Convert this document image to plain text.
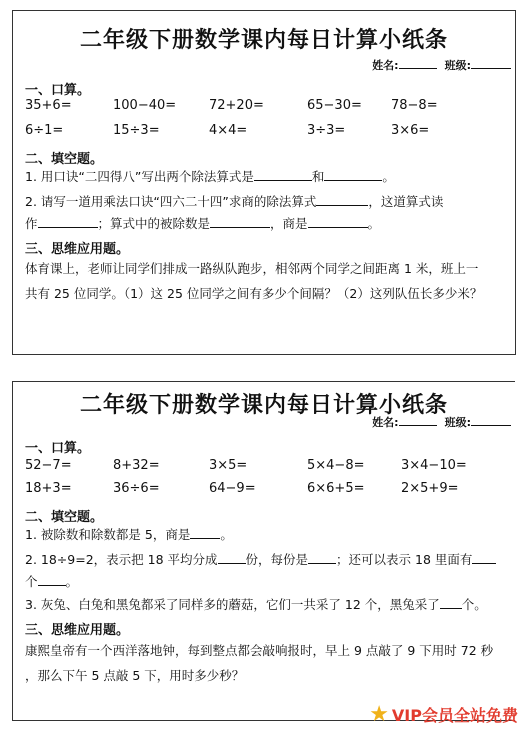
二年级下册数学课内每日计算小纸条
姓名:	班级:
一、口算。
35+6=	100−40=	72+20=	65−30= 78−8=
6÷1=	15÷3=	4×4=	3÷3=	3×6=
二、填空题。
1. 用口诀“二四得八”写出两个除法算式是	和	。
2. 请写一道用乘法口诀“四六二十四”求商的除法算式	，这道算式读
作	；算式中的被除数是	，商是	。
三、思维应用题。
体育课上，老师让同学们排成一路纵队跑步，相邻两个同学之间距离 1 米，班上一
共有 25 位同学。（1）这 25 位同学之间有多少个间隔？（2）这列队伍长多少米？
二年级下册数学课内每日计算小纸条
姓名:	班级:
一、口算。
52−7=	8+32=	3×5=	5×4−8=	3×4−10=
18+3=	36÷6=	64−9=	6×6+5=	2×5+9=
二、填空题。
1. 被除数和除数都是 5，商是 。
2. 18÷9=2，表示把 18 平均分成 份，每份是 ；还可以表示 18 里面有
个 。
3. 灰兔、白兔和黑兔都采了同样多的蘑菇，它们一共采了 12 个，黑兔采了 个。
三、思维应用题。
康熙皇帝有一个西洋落地钟，每到整点都会敲响报时，早上 9 点敲了 9 下用时 72 秒
，那么下午 5 点敲 5 下，用时多少秒？
★ VIP会员全站免费
